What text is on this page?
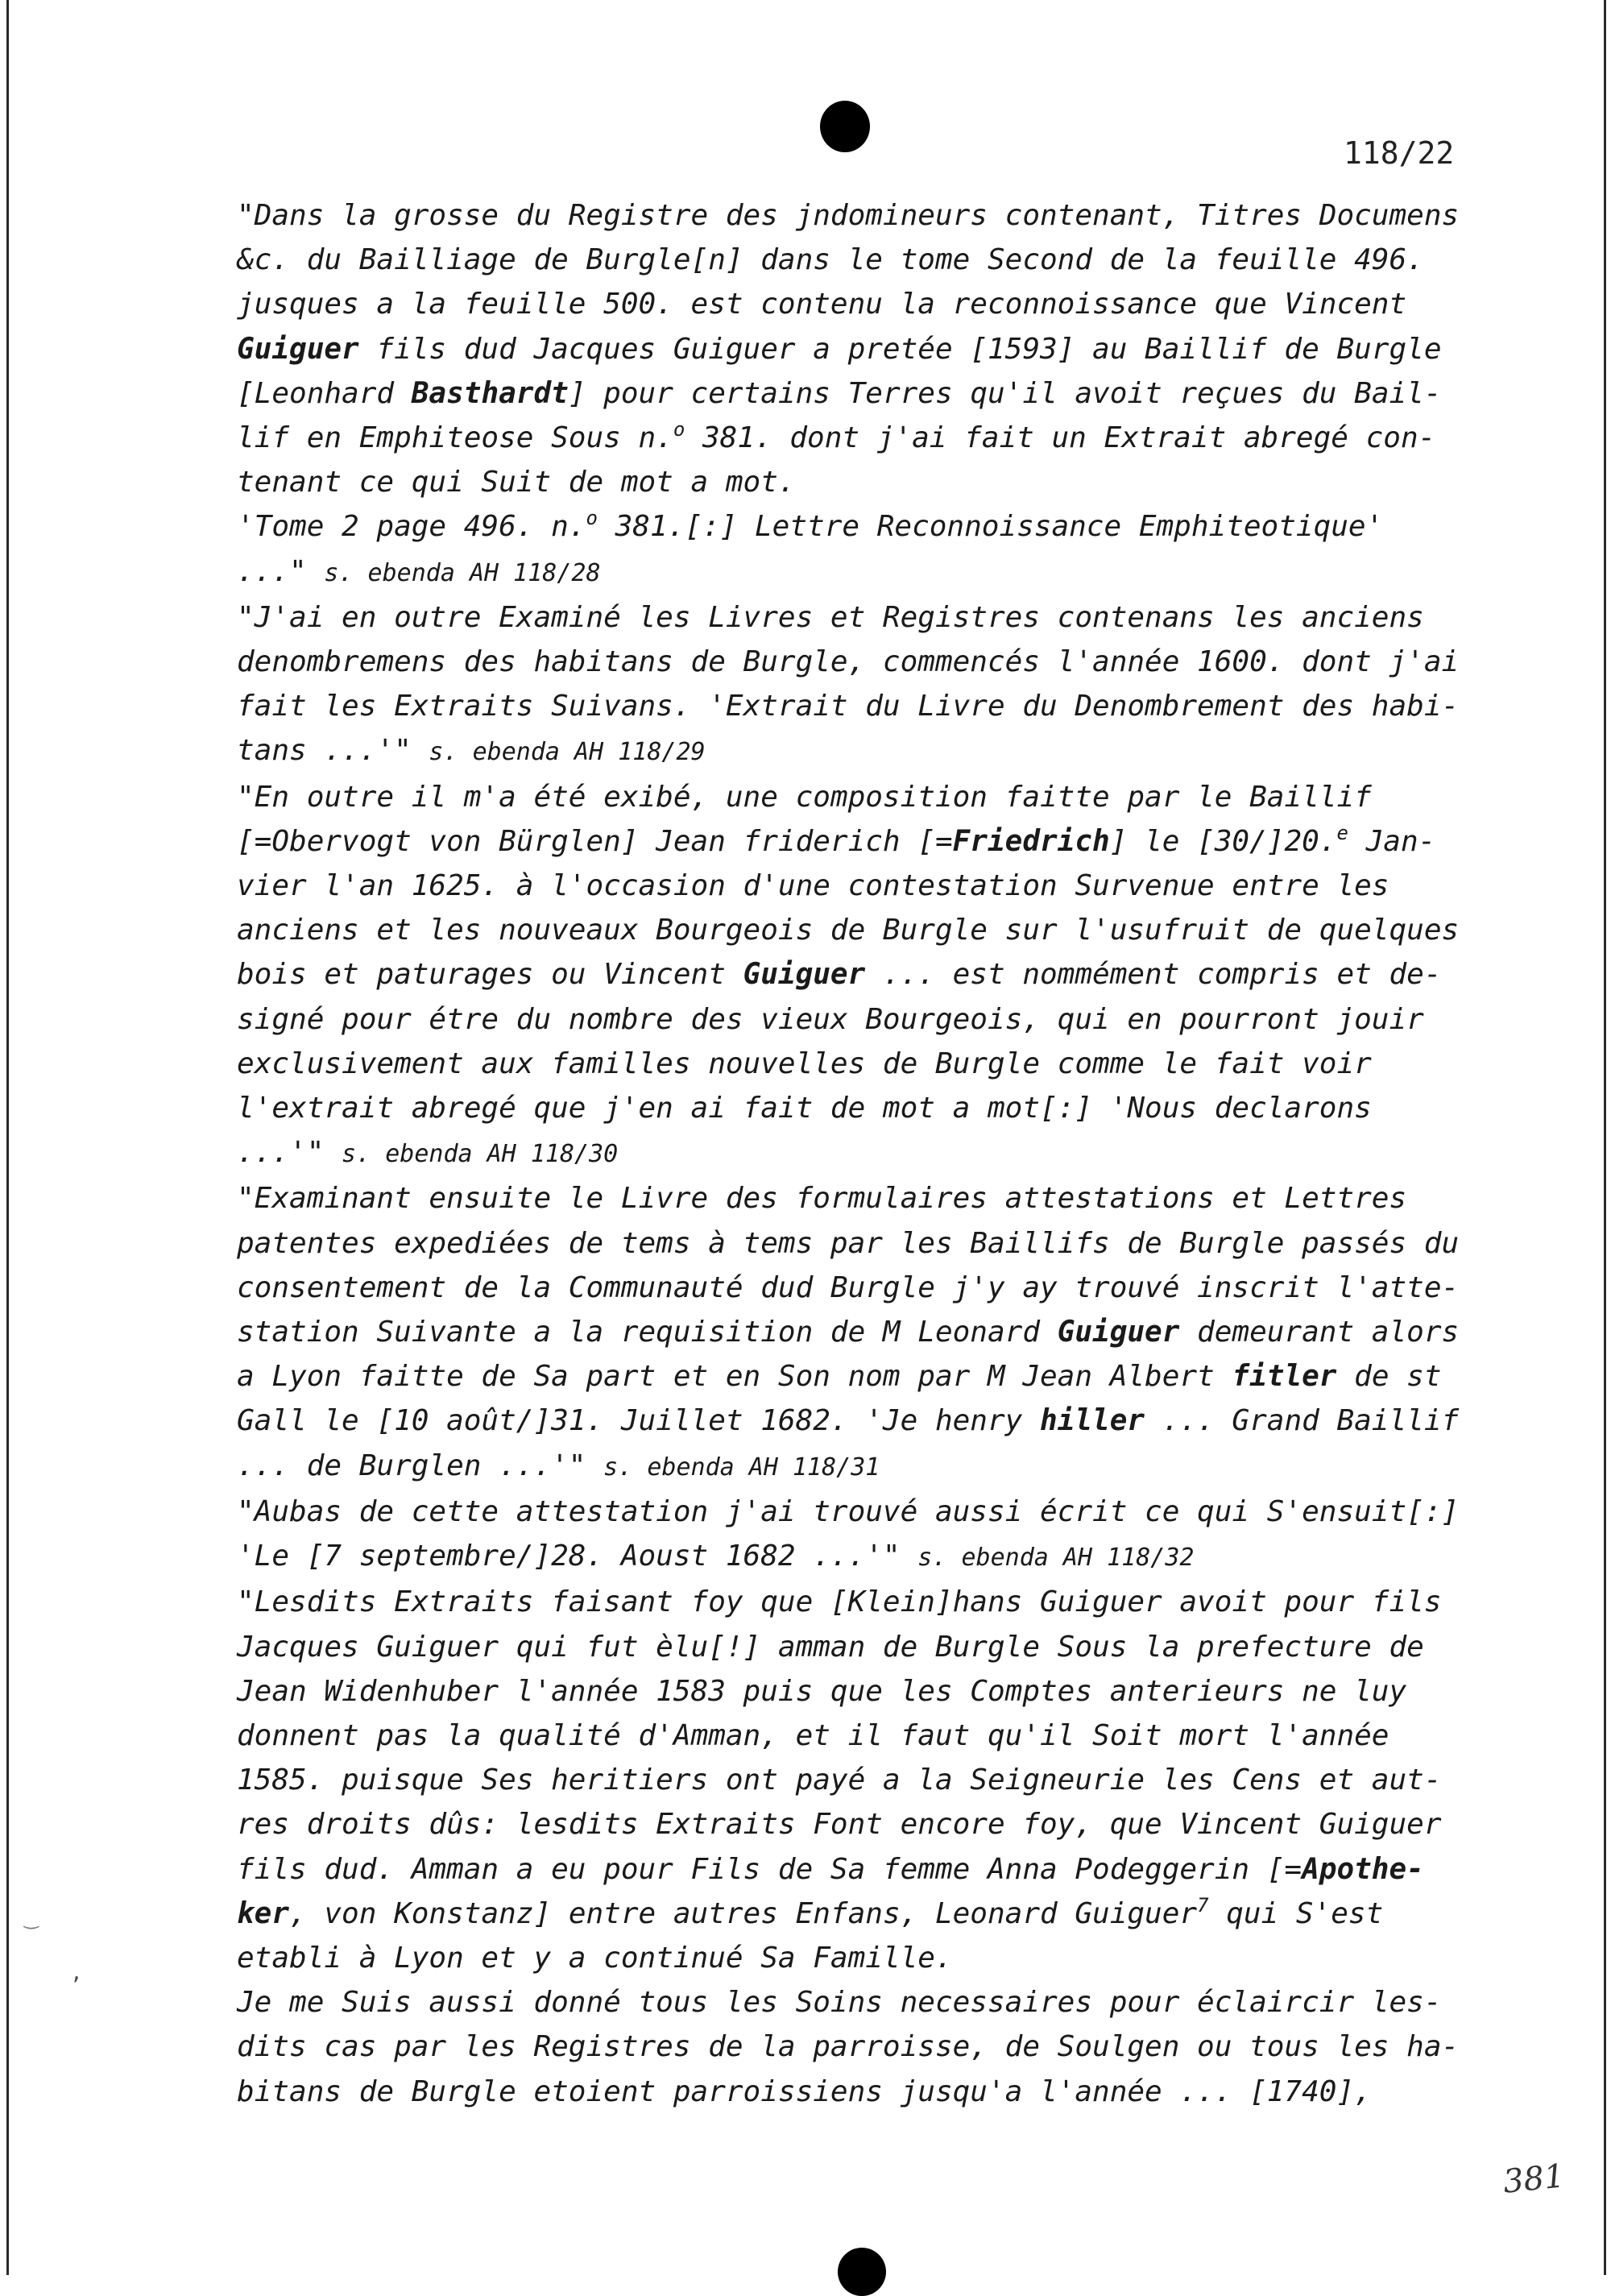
118/22
"Dans la grosse du Registre des jndomineurs contenant, Titres Documens
&c. du Bailliage de Burgle[n] dans le tome Second de la feuille 496.
jusques a la feuille 500. est contenu la reconnoissance que Vincent
Guiguer fils dud Jacques Guiguer a pretée [1593] au Baillif de Burgle
[Leonhard Basthardt] pour certains Terres qu'il avoit reçues du Bail-
lif en Emphiteose Sous n.$^o$ 381. dont j'ai fait un Extrait abregé con-
tenant ce qui Suit de mot a mot.
'Tome 2 page 496. n.$^o$ 381.[:] Lettre Reconnoissance Emphiteotique'
..." s. ebenda AH 118/28
"J'ai en outre Examiné les Livres et Registres contenans les anciens
denombremens des habitans de Burgle, commencés l'année 1600. dont j'ai
fait les Extraits Suivans. 'Extrait du Livre du Denombrement des habi-
tans ...'" s. ebenda AH 118/29
"En outre il m'a été exibé, une composition faitte par le Baillif
[=Obervogt von Bürglen] Jean friderich [=Friedrich] le [30/]20.$^e$ Jan-
vier l'an 1625. à l'occasion d'une contestation Survenue entre les
anciens et les nouveaux Bourgeois de Burgle sur l'usufruit de quelques
bois et paturages ou Vincent Guiguer ... est nommément compris et de-
signé pour étre du nombre des vieux Bourgeois, qui en pourront jouir
exclusivement aux familles nouvelles de Burgle comme le fait voir
l'extrait abregé que j'en ai fait de mot a mot[:] 'Nous declarons
...'" s. ebenda AH 118/30
"Examinant ensuite le Livre des formulaires attestations et Lettres
patentes expediées de tems à tems par les Baillifs de Burgle passés du
consentement de la Communauté dud Burgle j'y ay trouvé inscrit l'atte-
station Suivante a la requisition de M Leonard Guiguer demeurant alors
a Lyon faitte de Sa part et en Son nom par M Jean Albert fitler de st
Gall le [10 août/]31. Juillet 1682. 'Je henry hiller ... Grand Baillif
... de Burglen ...'" s. ebenda AH 118/31
"Aubas de cette attestation j'ai trouvé aussi écrit ce qui S'ensuit[:]
'Le [7 septembre/]28. Aoust 1682 ...'" s. ebenda AH 118/32
"Lesdits Extraits faisant foy que [Klein]hans Guiguer avoit pour fils
Jacques Guiguer qui fut èlu[!] amman de Burgle Sous la prefecture de
Jean Widenhuber l'année 1583 puis que les Comptes anterieurs ne luy
donnent pas la qualité d'Amman, et il faut qu'il Soit mort l'année
1585. puisque Ses heritiers ont payé a la Seigneurie les Cens et aut-
res droits dûs: lesdits Extraits Font encore foy, que Vincent Guiguer
fils dud. Amman a eu pour Fils de Sa femme Anna Podeggerin [=Apothe-
ker, von Konstanz] entre autres Enfans, Leonard Guiguer$^7$ qui S'est
etabli à Lyon et y a continué Sa Famille.
Je me Suis aussi donné tous les Soins necessaires pour éclaircir les-
dits cas par les Registres de la parroisse, de Soulgen ou tous les ha-
bitans de Burgle etoient parroissiens jusqu'a l'année ... [1740],
‿
,
381
